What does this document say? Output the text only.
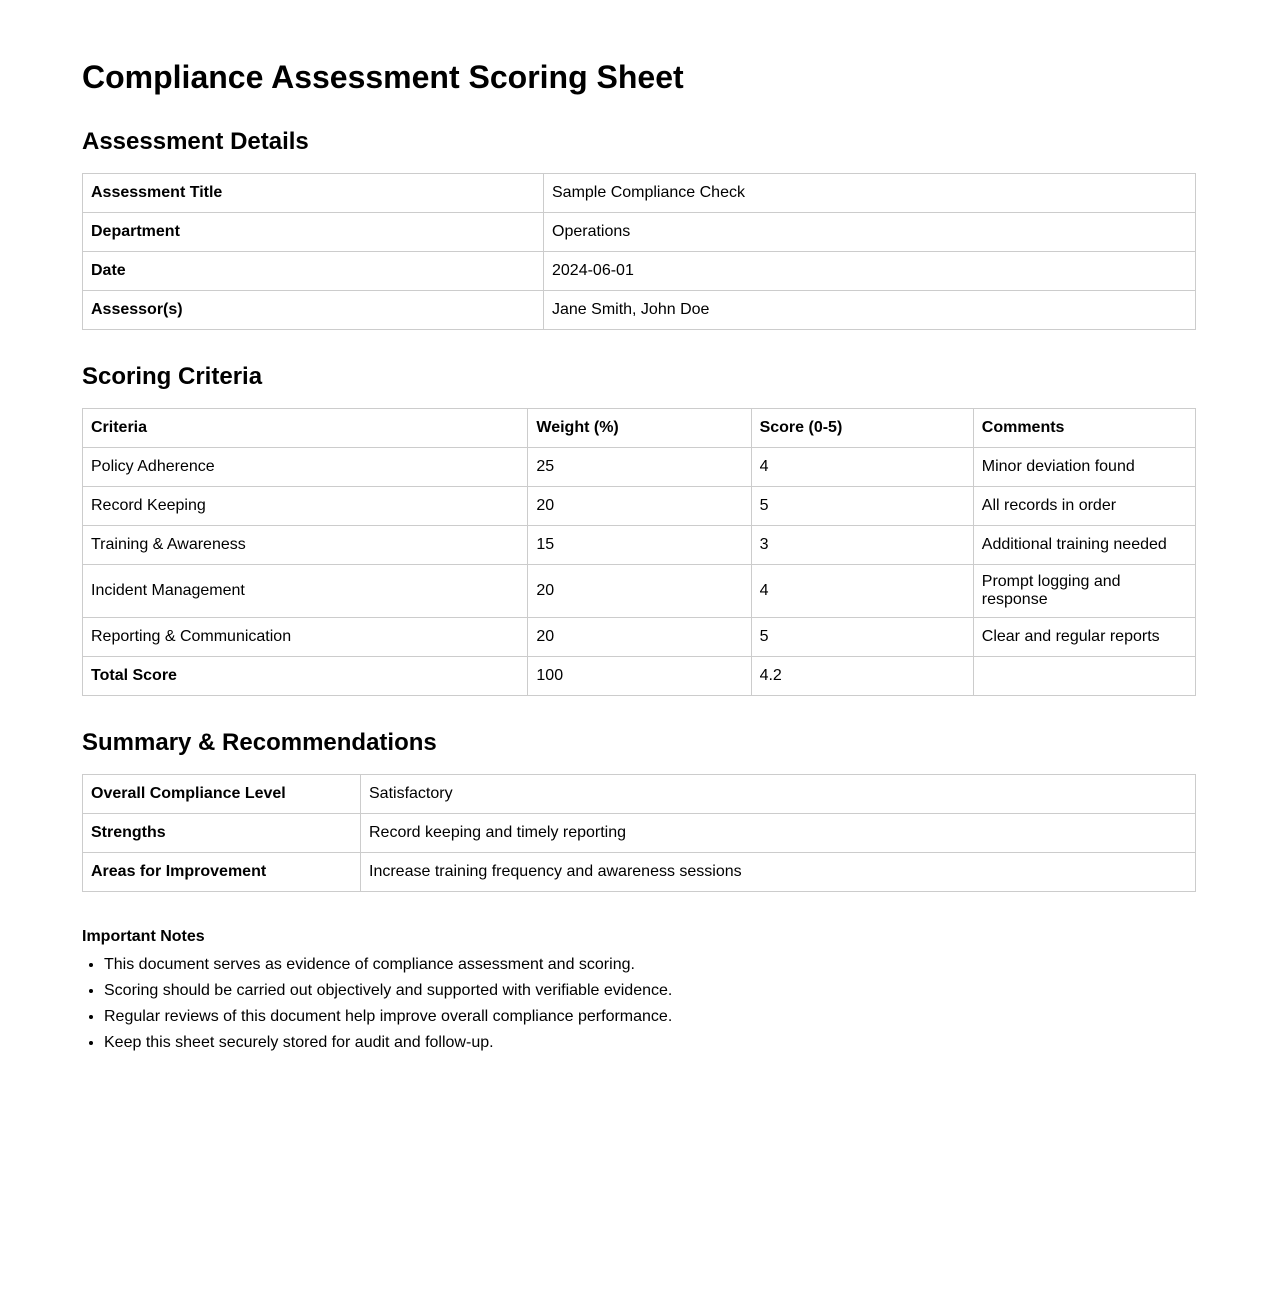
Compliance Assessment Scoring Sheet
Assessment Details
Assessment Title	Sample Compliance Check
Department	Operations
Date	2024-06-01
Assessor(s)	Jane Smith, John Doe
Scoring Criteria
Criteria	Weight (%)	Score (0-5)	Comments
Policy Adherence	25	4	Minor deviation found
Record Keeping	20	5	All records in order
Training & Awareness	15	3	Additional training needed
Incident Management	20	4	Prompt logging and response
Reporting & Communication	20	5	Clear and regular reports
Total Score	100	4.2	
Summary & Recommendations
Overall Compliance Level	Satisfactory
Strengths	Record keeping and timely reporting
Areas for Improvement	Increase training frequency and awareness sessions

Important Notes

• This document serves as evidence of compliance assessment and scoring.
• Scoring should be carried out objectively and supported with verifiable evidence.
• Regular reviews of this document help improve overall compliance performance.
• Keep this sheet securely stored for audit and follow-up.
